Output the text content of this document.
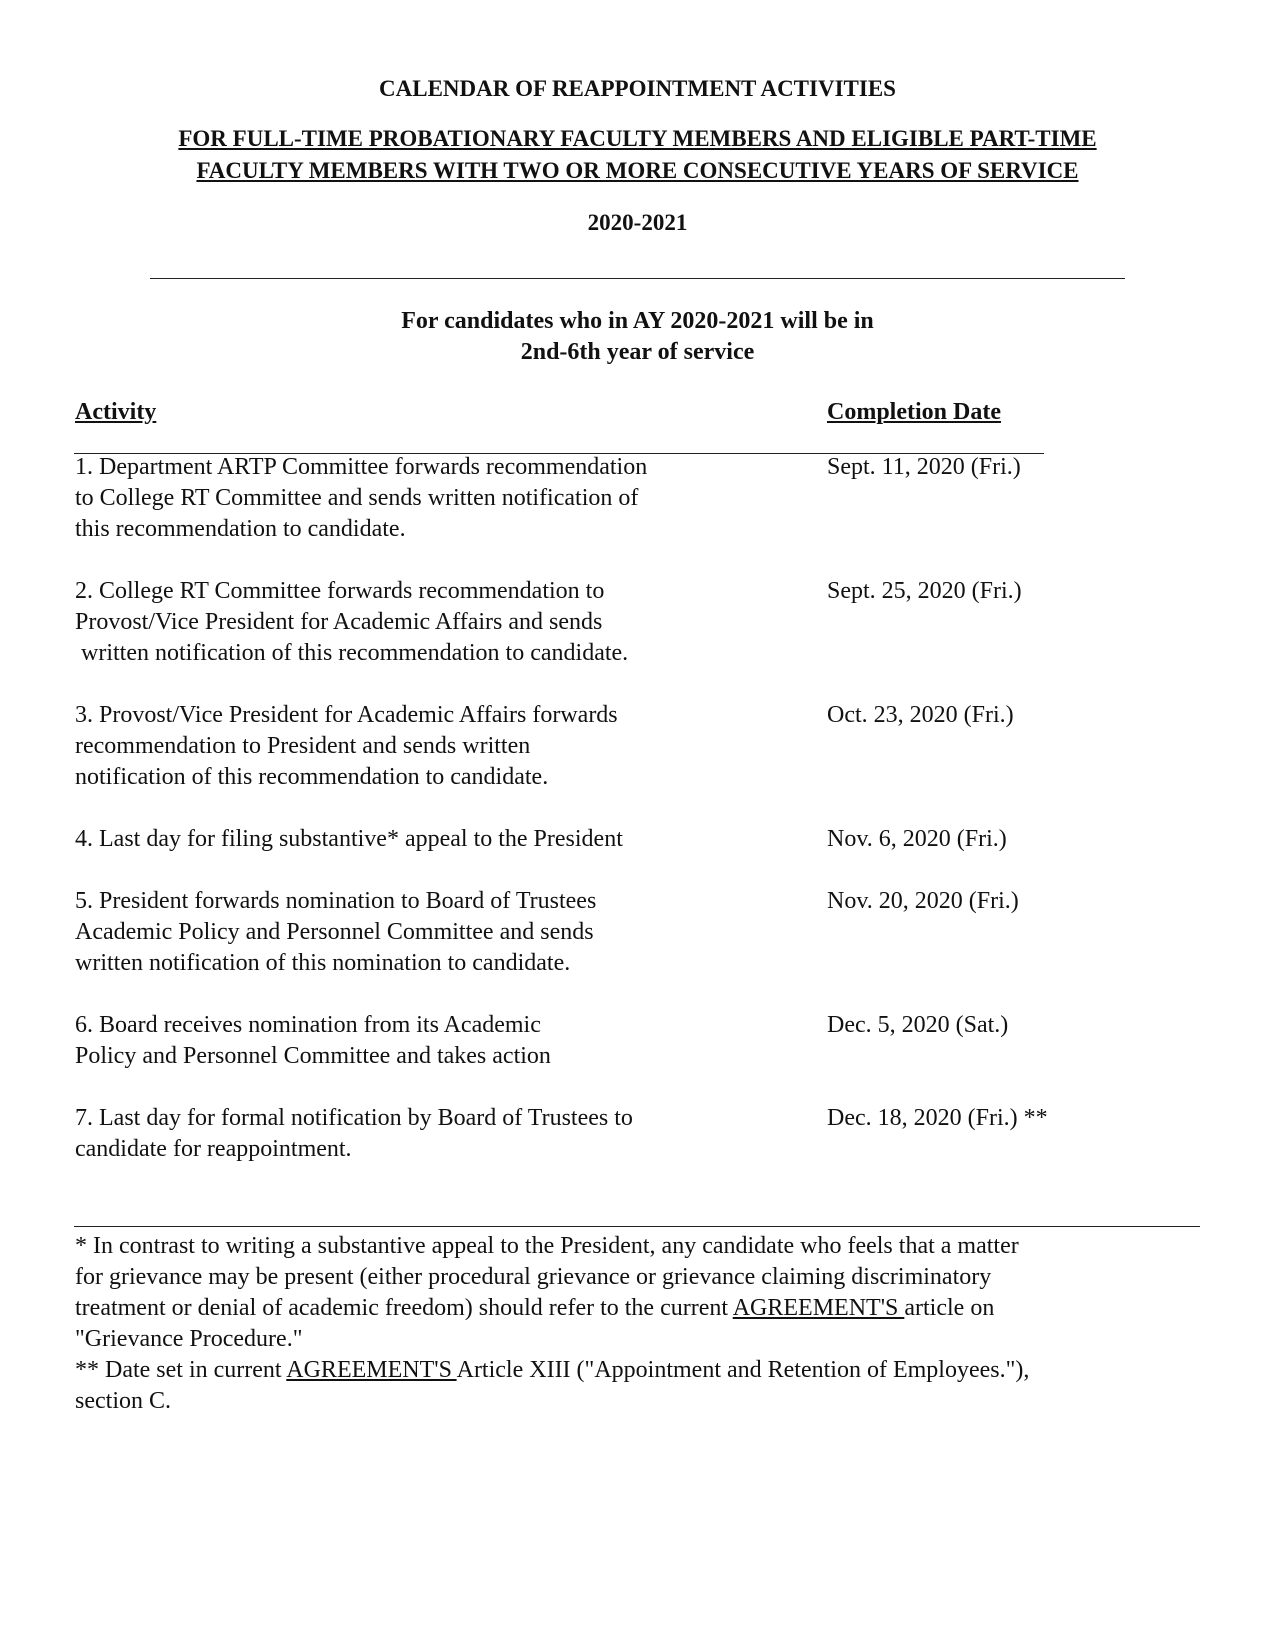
CALENDAR OF REAPPOINTMENT ACTIVITIES
FOR FULL-TIME PROBATIONARY FACULTY MEMBERS AND ELIGIBLE PART-TIME
FACULTY MEMBERS WITH TWO OR MORE CONSECUTIVE YEARS OF SERVICE
2020-2021
For candidates who in AY 2020-2021 will be in
2nd-6th year of service
Activity	Completion Date
1. Department ARTP Committee forwards recommendation
to College RT Committee and sends written notification of
this recommendation to candidate.
Sept. 11, 2020 (Fri.)
2. College RT Committee forwards recommendation to
Provost/Vice President for Academic Affairs and sends
written notification of this recommendation to candidate.
Sept. 25, 2020 (Fri.)
3. Provost/Vice President for Academic Affairs forwards
recommendation to President and sends written
notification of this recommendation to candidate.
Oct. 23, 2020 (Fri.)
4. Last day for filing substantive* appeal to the President	Nov. 6, 2020 (Fri.)
5. President forwards nomination to Board of Trustees
Academic Policy and Personnel Committee and sends
written notification of this nomination to candidate.
Nov. 20, 2020 (Fri.)
6. Board receives nomination from its Academic
Policy and Personnel Committee and takes action
Dec. 5, 2020 (Sat.)
7. Last day for formal notification by Board of Trustees to
candidate for reappointment.
Dec. 18, 2020 (Fri.) **
* In contrast to writing a substantive appeal to the President, any candidate who feels that a matter
for grievance may be present (either procedural grievance or grievance claiming discriminatory
treatment or denial of academic freedom) should refer to the current AGREEMENT'S article on
"Grievance Procedure."
** Date set in current AGREEMENT'S Article XIII ("Appointment and Retention of Employees."),
section C.
